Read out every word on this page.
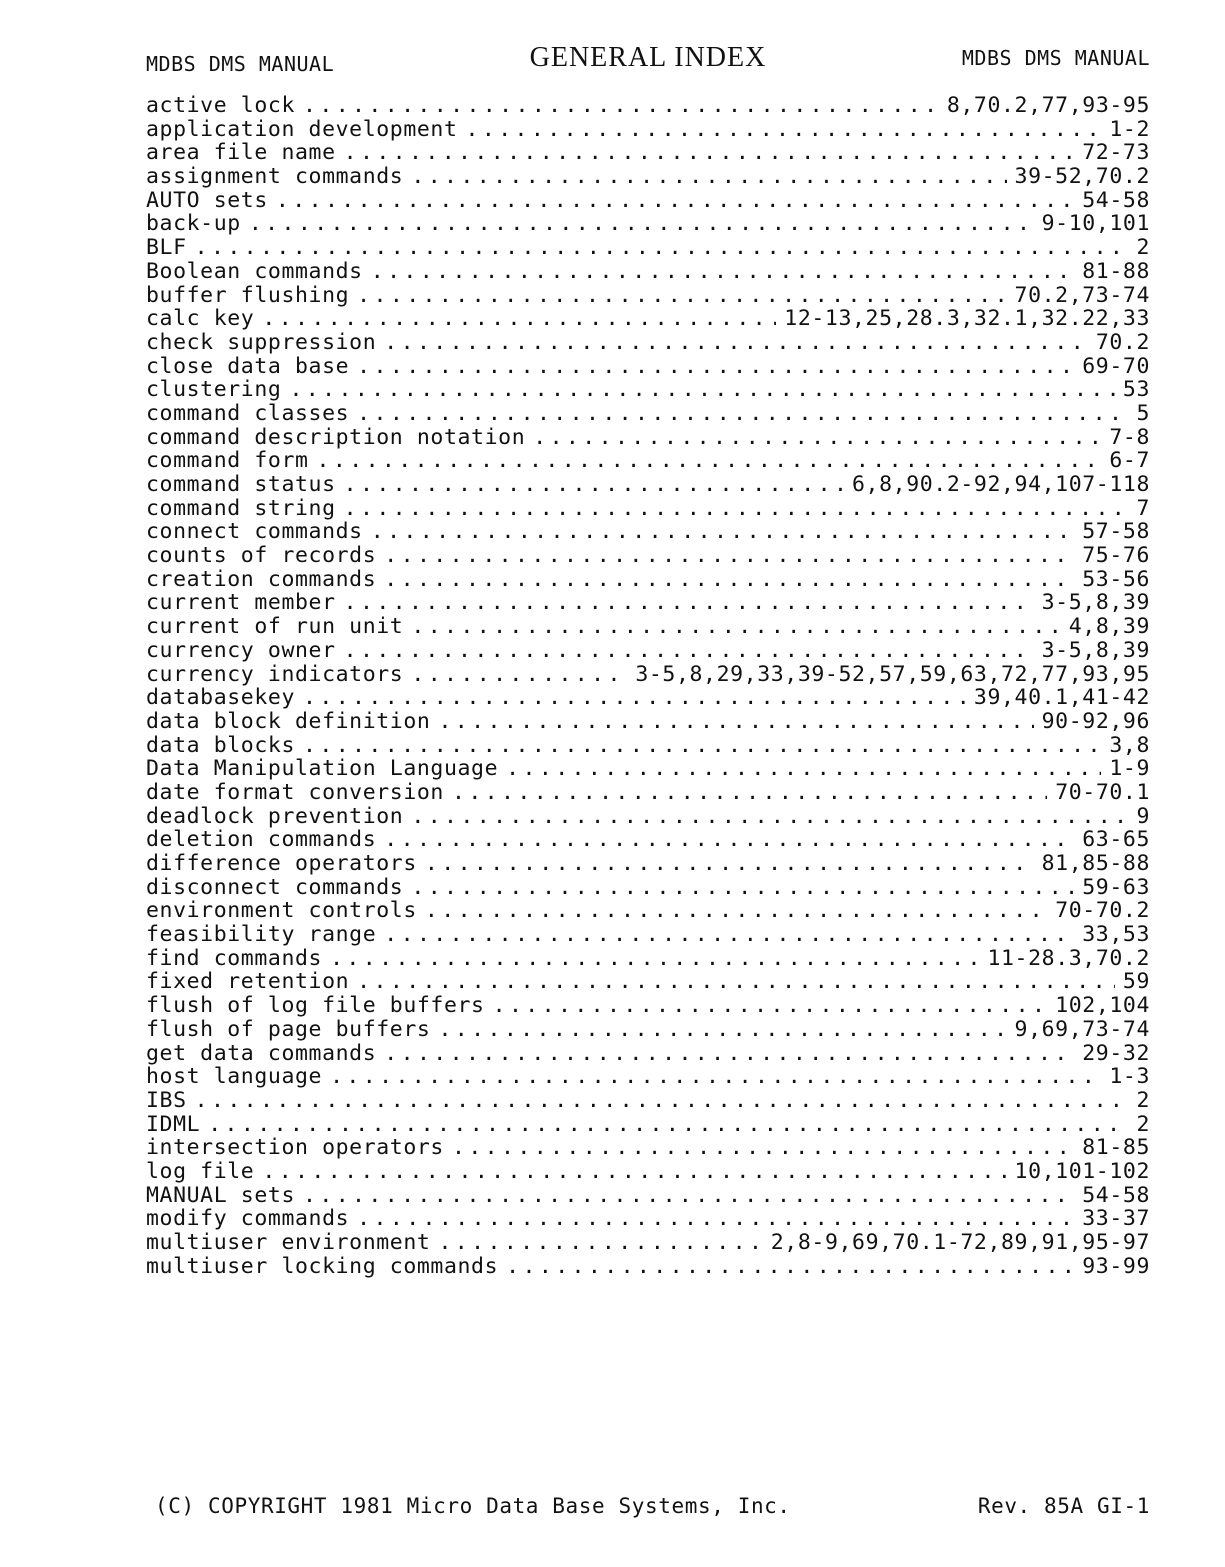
MDBS DMS MANUAL	GENERAL INDEX	MDBS DMS MANUAL
active lock .....	8,70.2,77,93-95
application development .....	1-2
area file name .....	72-73
assignment commands .....	39-52,70.2
AUTO sets .....	54-58
back-up .....	9-10,101
BLF .....	2
Boolean commands .....	81-88
buffer flushing .....	70.2,73-74
calc key .....	12-13,25,28.3,32.1,32.22,33
check suppression .....	70.2
close data base .....	69-70
clustering .....	53
command classes .....	5
command description notation .....	7-8
command form .....	6-7
command status .....	6,8,90.2-92,94,107-118
command string .....	7
connect commands .....	57-58
counts of records .....	75-76
creation commands .....	53-56
current member .....	3-5,8,39
current of run unit .....	4,8,39
currency owner .....	3-5,8,39
currency indicators .....	3-5,8,29,33,39-52,57,59,63,72,77,93,95
databasekey .....	39,40.1,41-42
data block definition .....	90-92,96
data blocks .....	3,8
Data Manipulation Language .....	1-9
date format conversion .....	70-70.1
deadlock prevention .....	9
deletion commands .....	63-65
difference operators .....	81,85-88
disconnect commands .....	59-63
environment controls .....	70-70.2
feasibility range .....	33,53
find commands .....	11-28.3,70.2
fixed retention .....	59
flush of log file buffers .....	102,104
flush of page buffers .....	9,69,73-74
get data commands .....	29-32
host language .....	1-3
IBS .....	2
IDML .....	2
intersection operators .....	81-85
log file .....	10,101-102
MANUAL sets .....	54-58
modify commands .....	33-37
multiuser environment .....	2,8-9,69,70.1-72,89,91,95-97
multiuser locking commands .....	93-99
(C) COPYRIGHT 1981 Micro Data Base Systems, Inc.	Rev. 85A GI-1
